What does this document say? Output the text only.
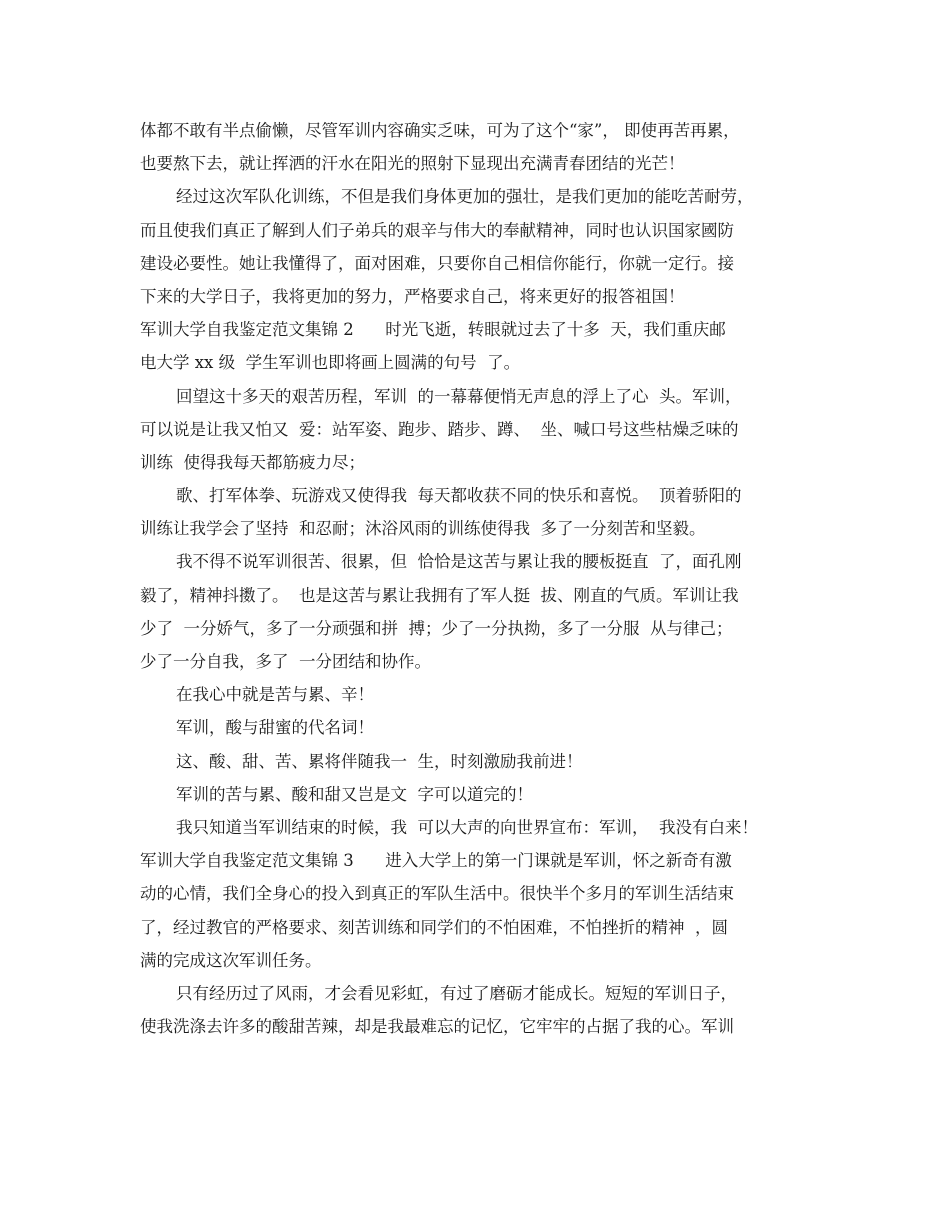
体都不敢有半点偷懒，尽管军训内容确实乏味，可为了这个“家”， 即使再苦再累，
也要熬下去，就让挥洒的汗水在阳光的照射下显现出充满青春团结的光芒！
经过这次军队化训练，不但是我们身体更加的强壮，是我们更加的能吃苦耐劳，
而且使我们真正了解到人们子弟兵的艰辛与伟大的奉献精神，同时也认识国家國防
建设必要性。她让我懂得了，面对困难，只要你自己相信你能行，你就一定行。接
下来的大学日子，我将更加的努力，严格要求自己，将来更好的报答祖国！
军训大学自我鉴定范文集锦 2      时光飞逝，转眼就过去了十多  天，我们重庆邮
电大学 xx 级  学生军训也即将画上圆满的句号  了。
回望这十多天的艰苦历程，军训  的一幕幕便悄无声息的浮上了心  头。军训，
可以说是让我又怕又  爱：站军姿、跑步、踏步、蹲、  坐、喊口号这些枯燥乏味的
训练  使得我每天都筋疲力尽；
歌、打军体拳、玩游戏又使得我  每天都收获不同的快乐和喜悦。  顶着骄阳的
训练让我学会了坚持  和忍耐；沐浴风雨的训练使得我  多了一分刻苦和坚毅。
我不得不说军训很苦、很累，但  恰恰是这苦与累让我的腰板挺直  了，面孔刚
毅了，精神抖擞了。  也是这苦与累让我拥有了军人挺  拔、刚直的气质。军训让我
少了  一分娇气，多了一分顽强和拼  搏；少了一分执拗，多了一分服  从与律己；
少了一分自我，多了  一分团结和协作。
在我心中就是苦与累、辛！
军训，酸与甜蜜的代名词！
这、酸、甜、苦、累将伴随我一  生，时刻激励我前进！
军训的苦与累、酸和甜又岂是文  字可以道完的！
我只知道当军训结束的时候，我  可以大声的向世界宣布：军训，  我没有白来！
军训大学自我鉴定范文集锦 3      进入大学上的第一门课就是军训，怀之新奇有激
动的心情，我们全身心的投入到真正的军队生活中。很快半个多月的军训生活结束
了，经过教官的严格要求、刻苦训练和同学们的不怕困难，不怕挫折的精神  ，圆
满的完成这次军训任务。
只有经历过了风雨，才会看见彩虹，有过了磨砺才能成长。短短的军训日子，
使我洗涤去许多的酸甜苦辣，却是我最难忘的记忆，它牢牢的占据了我的心。军训
